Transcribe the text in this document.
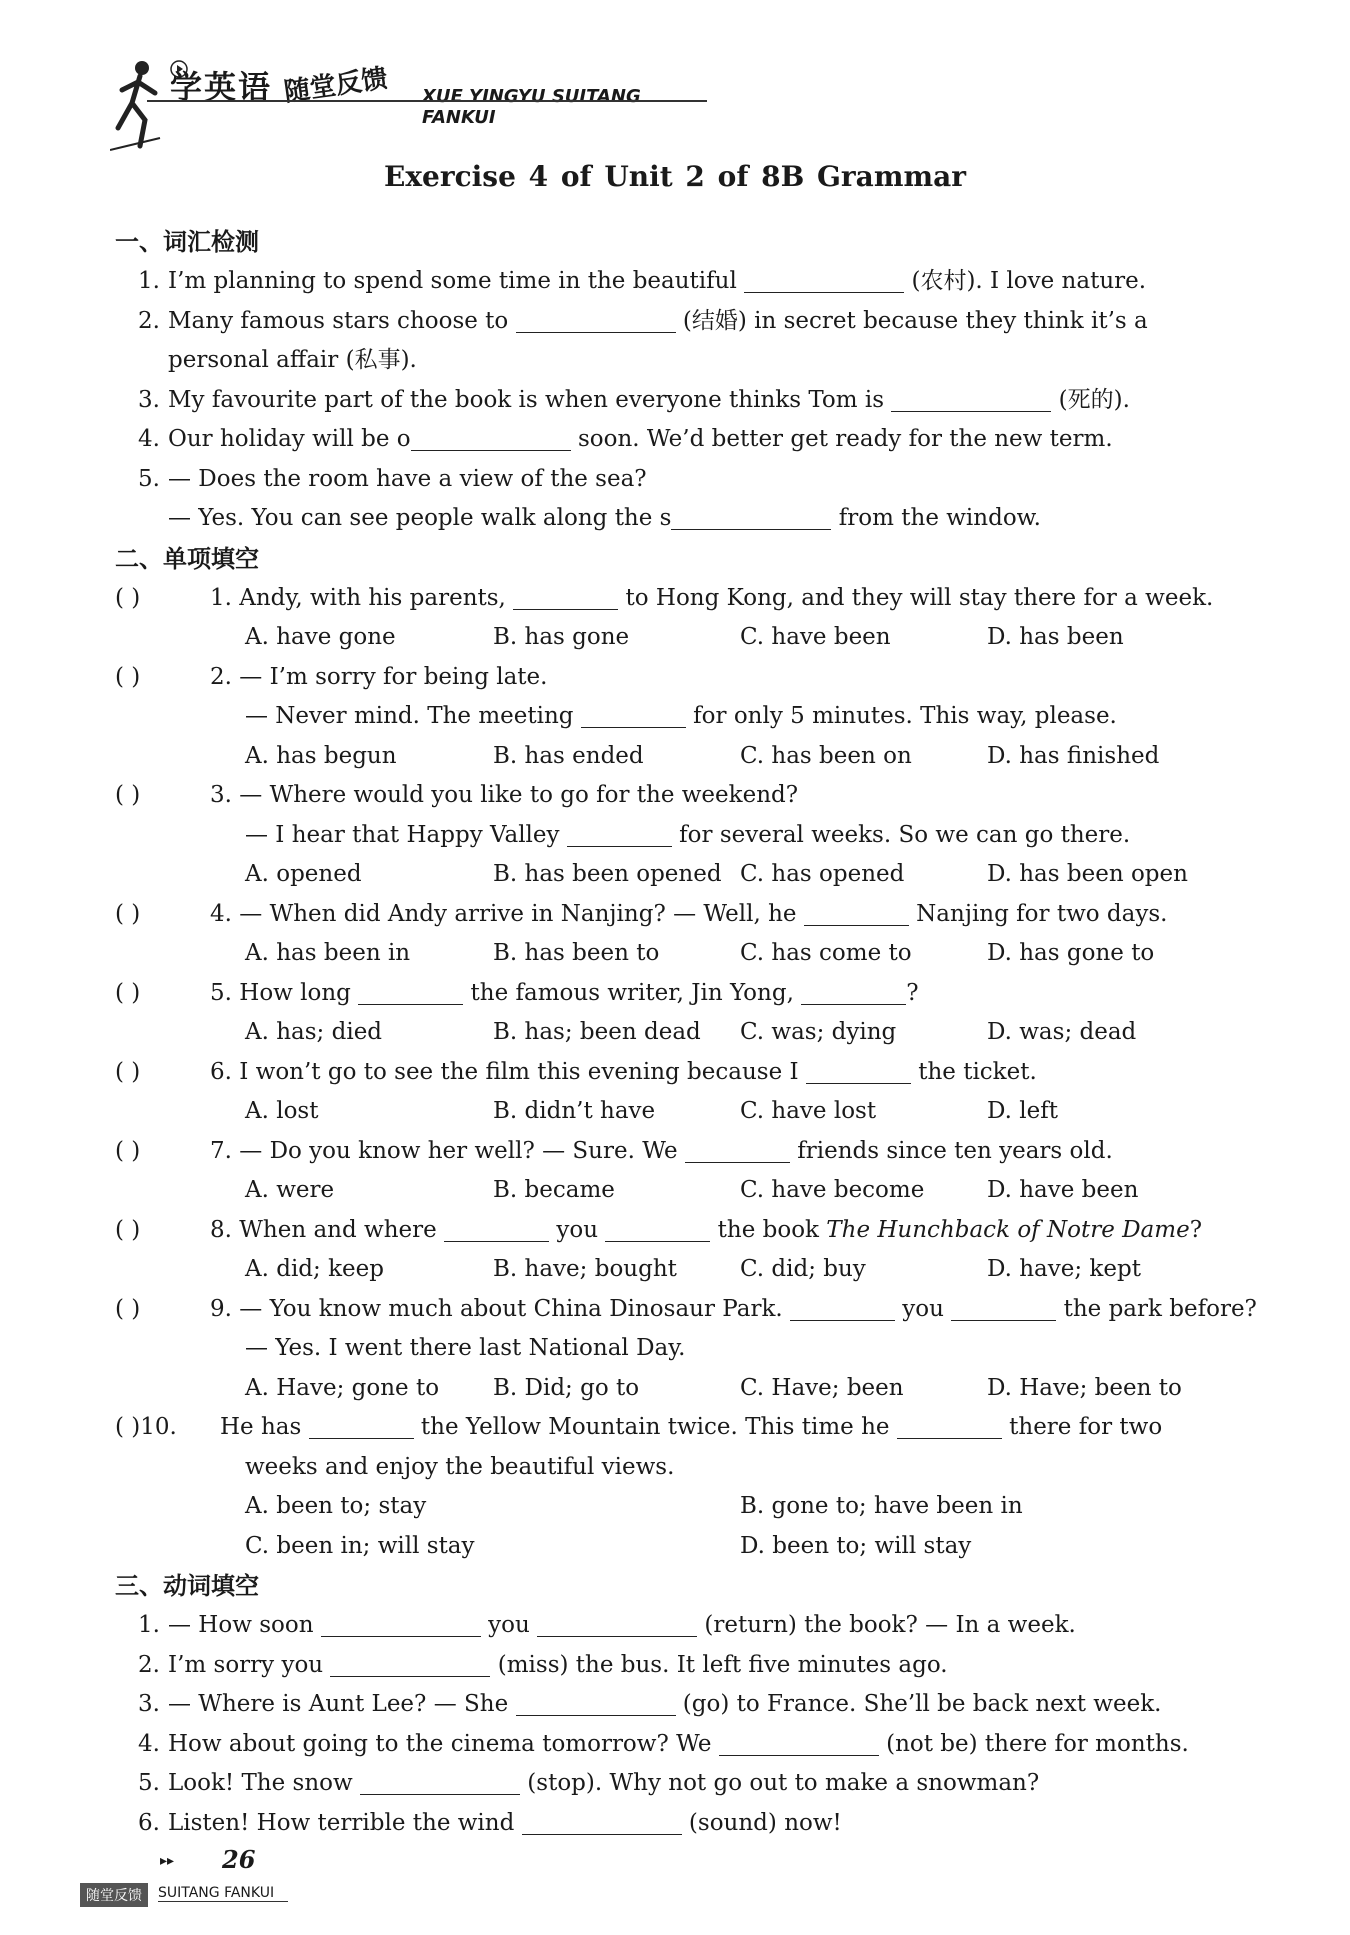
学英语 随堂反馈 XUE YINGYU SUITANG FANKUI
Exercise 4 of Unit 2 of 8B Grammar
一、词汇检测
1. I’m planning to spend some time in the beautiful	(农村). I love nature.
2. Many famous stars choose to	(结婚) in secret because they think it’s a
personal affair (私事).
3. My favourite part of the book is when everyone thinks Tom is	(死的).
4. Our holiday will be o	soon. We’d better get ready for the new term.
5. — Does the room have a view of the sea?
— Yes. You can see people walk along the s	from the window.
二、单项填空
( )	1. Andy, with his parents,	to Hong Kong, and they will stay there for a week.
A. have gone	B. has gone	C. have been	D. has been
( )	2. — I’m sorry for being late.
— Never mind. The meeting	for only 5 minutes. This way, please.
A. has begun	B. has ended	C. has been on	D. has finished
( )	3. — Where would you like to go for the weekend?
— I hear that Happy Valley	for several weeks. So we can go there.
A. opened	B. has been opened C. has opened	D. has been open
( )	4. — When did Andy arrive in Nanjing? — Well, he	Nanjing for two days.
A. has been in	B. has been to	C. has come to	D. has gone to
( )	5. How long	the famous writer, Jin Yong,	?
A. has; died	B. has; been dead C. was; dying	D. was; dead
( )	6. I won’t go to see the film this evening because I	the ticket.
A. lost	B. didn’t have	C. have lost	D. left
( )	7. — Do you know her well? — Sure. We	friends since ten years old.
A. were	B. became	C. have become	D. have been
( )	8. When and where	you	the book The Hunchback of Notre Dame?
A. did; keep	B. have; bought	C. did; buy	D. have; kept
( )	9. — You know much about China Dinosaur Park.	you	the park before?
— Yes. I went there last National Day.
A. Have; gone to B. Did; go to	C. Have; been	D. Have; been to
( )10. He has	the Yellow Mountain twice. This time he	there for two
weeks and enjoy the beautiful views.
A. been to; stay	B. gone to; have been in
C. been in; will stay	D. been to; will stay
三、动词填空
1. — How soon	you	(return) the book? — In a week.
2. I’m sorry you	(miss) the bus. It left five minutes ago.
3. — Where is Aunt Lee? — She	(go) to France. She’ll be back next week.
4. How about going to the cinema tomorrow? We	(not be) there for months.
5. Look! The snow	(stop). Why not go out to make a snowman?
6. Listen! How terrible the wind	(sound) now!
▸▸ 26
随堂反馈	SUITANG FANKUI
